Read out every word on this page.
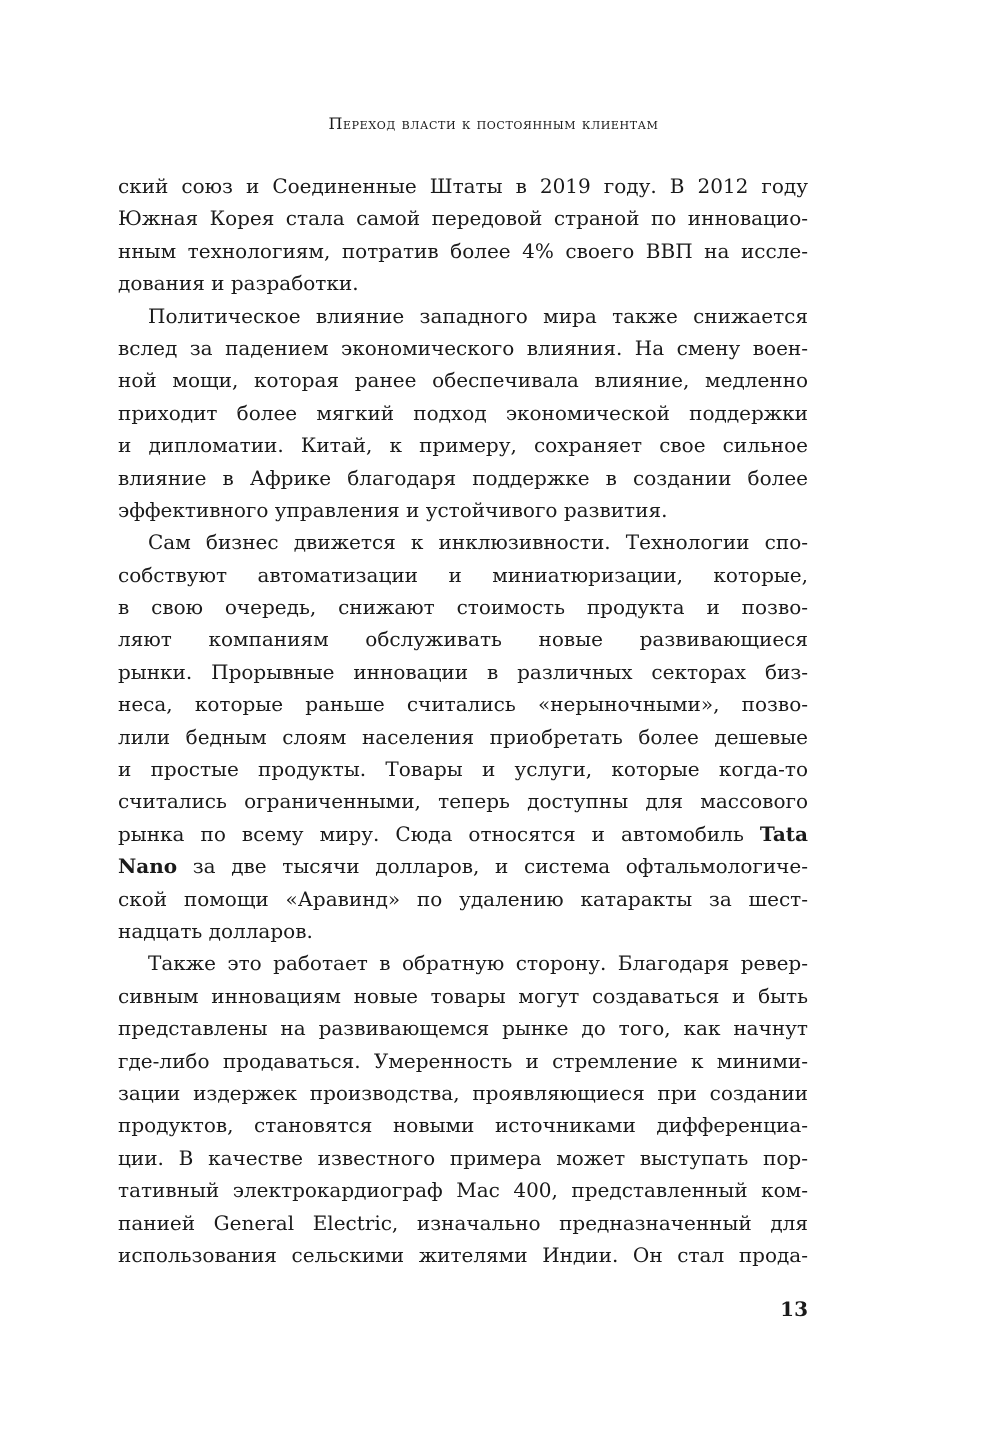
Переход власти к постоянным клиентам
ский союз и Соединенные Штаты в 2019 году. В 2012 году
Южная Корея стала самой передовой страной по инновацио-
нным технологиям, потратив более 4% своего ВВП на иссле-
дования и разработки.
Политическое влияние западного мира также снижается
вслед за падением экономического влияния. На смену воен-
ной мощи, которая ранее обеспечивала влияние, медленно
приходит более мягкий подход экономической поддержки
и дипломатии. Китай, к примеру, сохраняет свое сильное
влияние в Африке благодаря поддержке в создании более
эффективного управления и устойчивого развития.
Сам бизнес движется к инклюзивности. Технологии спо-
собствуют автоматизации и миниатюризации, которые,
в свою очередь, снижают стоимость продукта и позво-
ляют компаниям обслуживать новые развивающиеся
рынки. Прорывные инновации в различных секторах биз-
неса, которые раньше считались «нерыночными», позво-
лили бедным слоям населения приобретать более дешевые
и простые продукты. Товары и услуги, которые когда-то
считались ограниченными, теперь доступны для массового
рынка по всему миру. Сюда относятся и автомобиль Tata
Nano за две тысячи долларов, и система офтальмологиче-
ской помощи «Аравинд» по удалению катаракты за шест-
надцать долларов.
Также это работает в обратную сторону. Благодаря ревер-
сивным инновациям новые товары могут создаваться и быть
представлены на развивающемся рынке до того, как начнут
где-либо продаваться. Умеренность и стремление к миними-
зации издержек производства, проявляющиеся при создании
продуктов, становятся новыми источниками дифференциа-
ции. В качестве известного примера может выступать пор-
тативный электрокардиограф Mac 400, представленный ком-
панией General Electric, изначально предназначенный для
использования сельскими жителями Индии. Он стал прода-
13
